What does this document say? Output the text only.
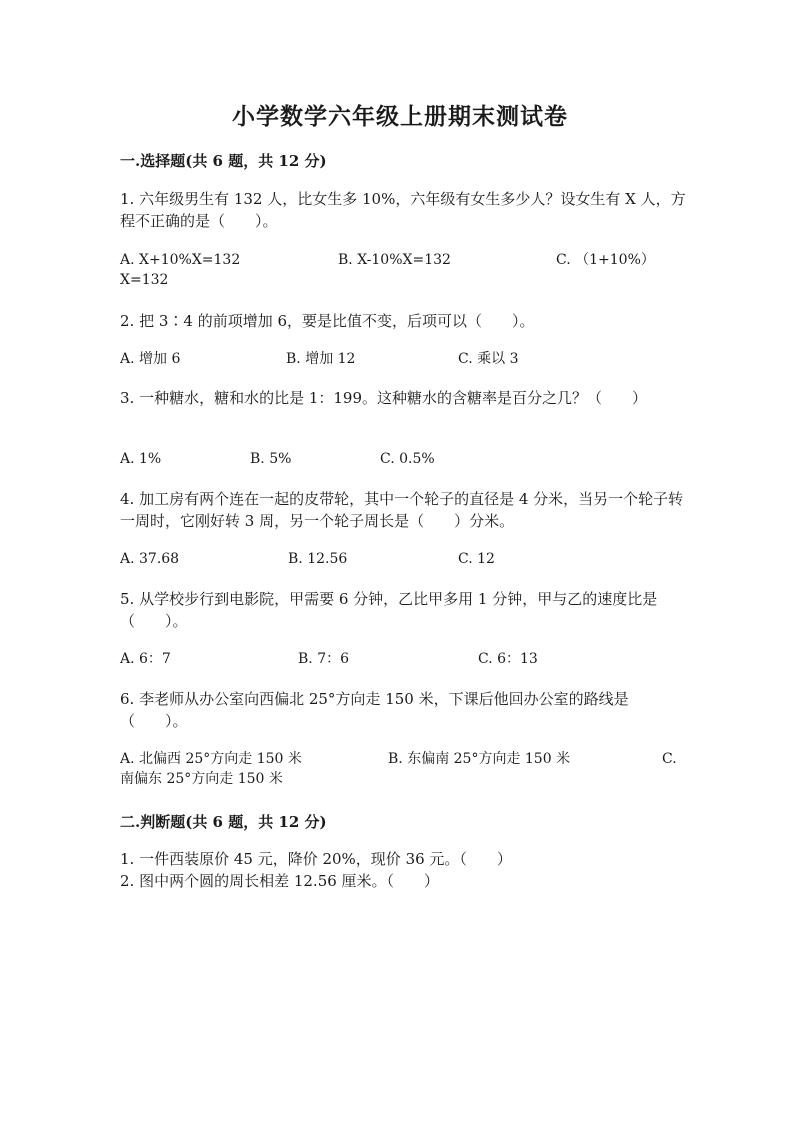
小学数学六年级上册期末测试卷
一.选择题(共 6 题，共 12 分)

1. 六年级男生有 132 人，比女生多 10%，六年级有女生多少人？设女生有 X 人，方程不正确的是（　　）。

A. X+10%X=132	B. X-10%X=132	C. （1+10%）X=132

2. 把 3∶4 的前项增加 6，要是比值不变，后项可以（　　）。

A. 增加 6	B. 增加 12	C. 乘以 3

3. 一种糖水，糖和水的比是 1：199。这种糖水的含糖率是百分之几？（　　）

A. 1%	B. 5%	C. 0.5%

4. 加工房有两个连在一起的皮带轮，其中一个轮子的直径是 4 分米，当另一个轮子转一周时，它刚好转 3 周，另一个轮子周长是（　　）分米。

A. 37.68	B. 12.56	C. 12

5. 从学校步行到电影院，甲需要 6 分钟，乙比甲多用 1 分钟，甲与乙的速度比是（　　）。

A. 6：7	B. 7：6	C. 6：13

6. 李老师从办公室向西偏北 25°方向走 150 米，下课后他回办公室的路线是（　　）。

A. 北偏西 25°方向走 150 米	B. 东偏南 25°方向走 150 米	C. 南偏东 25°方向走 150 米
二.判断题(共 6 题，共 12 分)

1. 一件西装原价 45 元，降价 20%，现价 36 元。（　　）

2. 图中两个圆的周长相差 12.56 厘米。（　　）
